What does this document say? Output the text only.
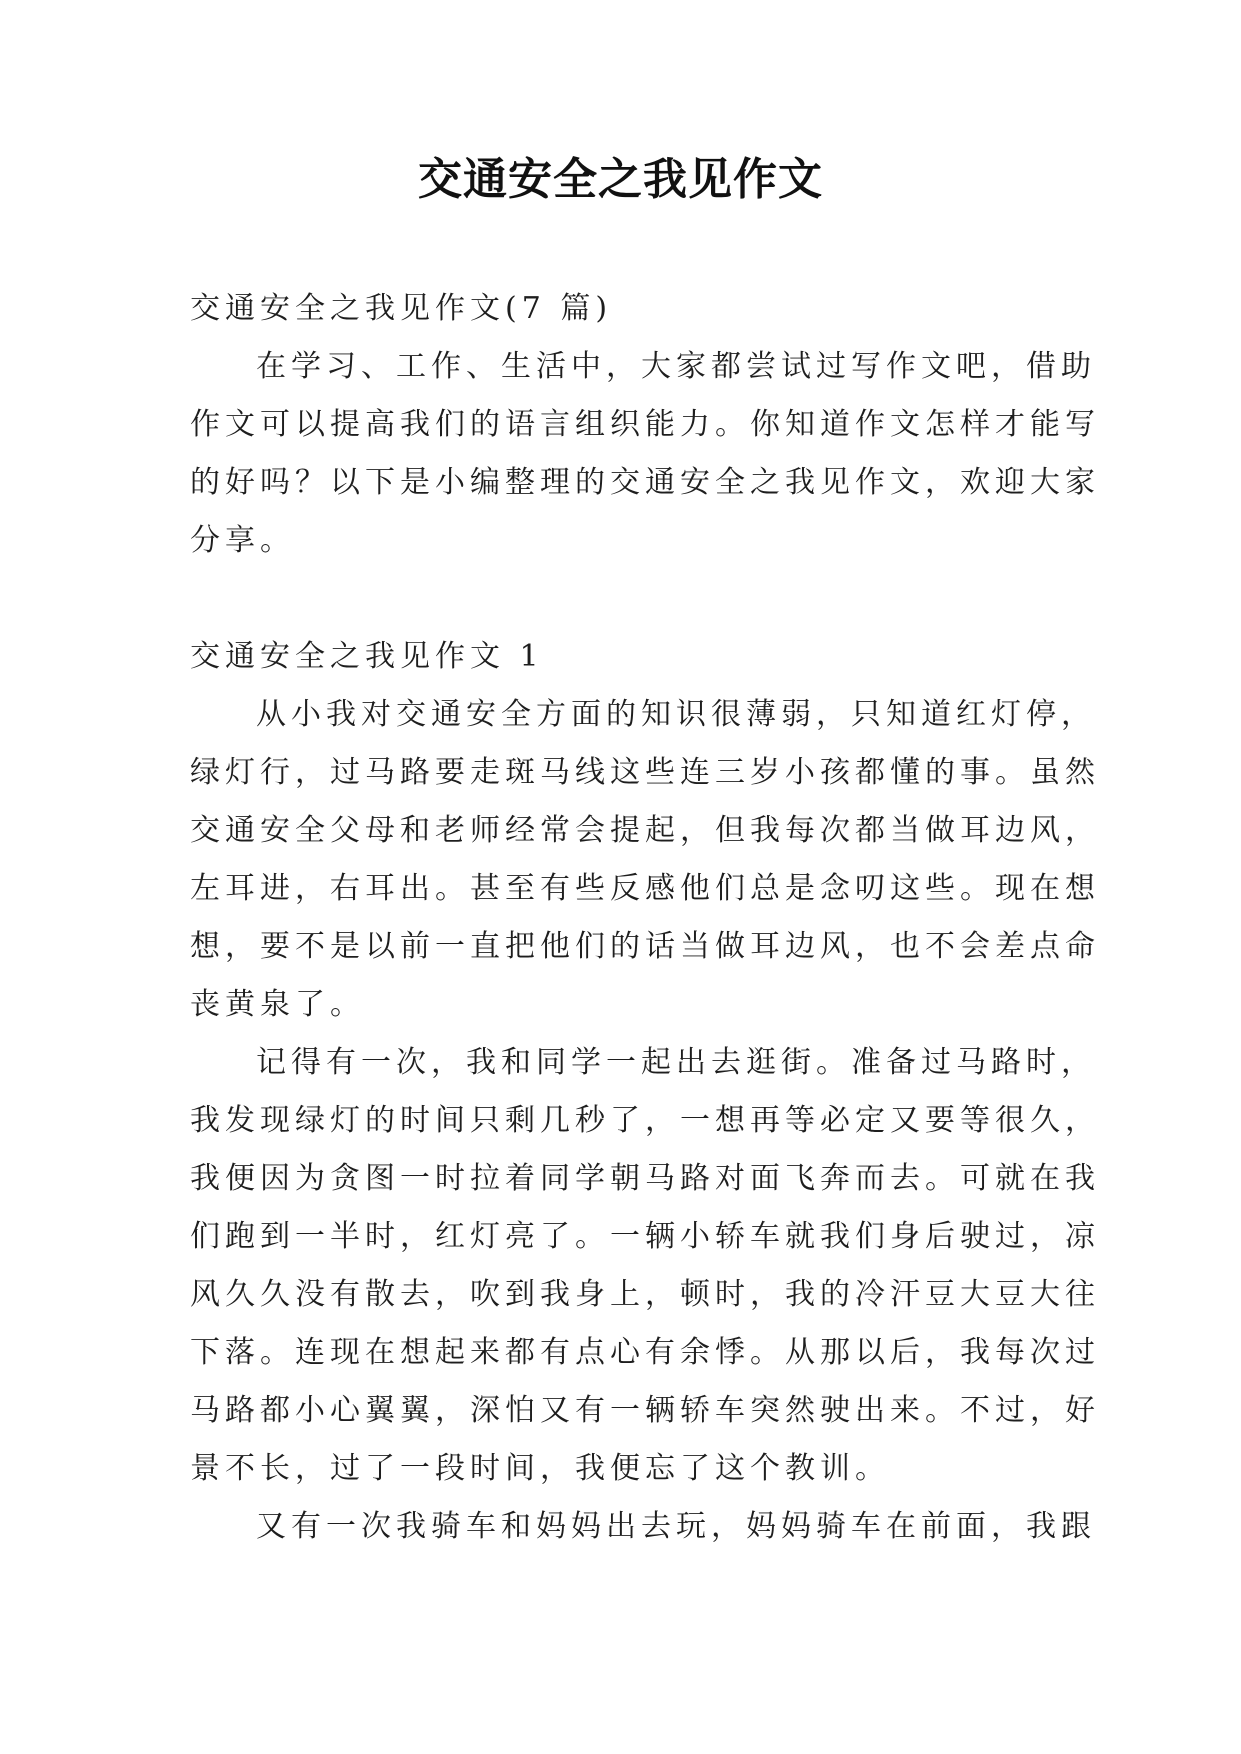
交通安全之我见作文
交通安全之我见作文(7 篇)
在学习、工作、生活中，大家都尝试过写作文吧，借助
作文可以提高我们的语言组织能力。你知道作文怎样才能写
的好吗？以下是小编整理的交通安全之我见作文，欢迎大家
分享。
交通安全之我见作文 1
从小我对交通安全方面的知识很薄弱，只知道红灯停，
绿灯行，过马路要走斑马线这些连三岁小孩都懂的事。虽然
交通安全父母和老师经常会提起，但我每次都当做耳边风，
左耳进，右耳出。甚至有些反感他们总是念叨这些。现在想
想，要不是以前一直把他们的话当做耳边风，也不会差点命
丧黄泉了。
记得有一次，我和同学一起出去逛街。准备过马路时，
我发现绿灯的时间只剩几秒了，一想再等必定又要等很久，
我便因为贪图一时拉着同学朝马路对面飞奔而去。可就在我
们跑到一半时，红灯亮了。一辆小轿车就我们身后驶过，凉
风久久没有散去，吹到我身上，顿时，我的冷汗豆大豆大往
下落。连现在想起来都有点心有余悸。从那以后，我每次过
马路都小心翼翼，深怕又有一辆轿车突然驶出来。不过，好
景不长，过了一段时间，我便忘了这个教训。
又有一次我骑车和妈妈出去玩，妈妈骑车在前面，我跟
